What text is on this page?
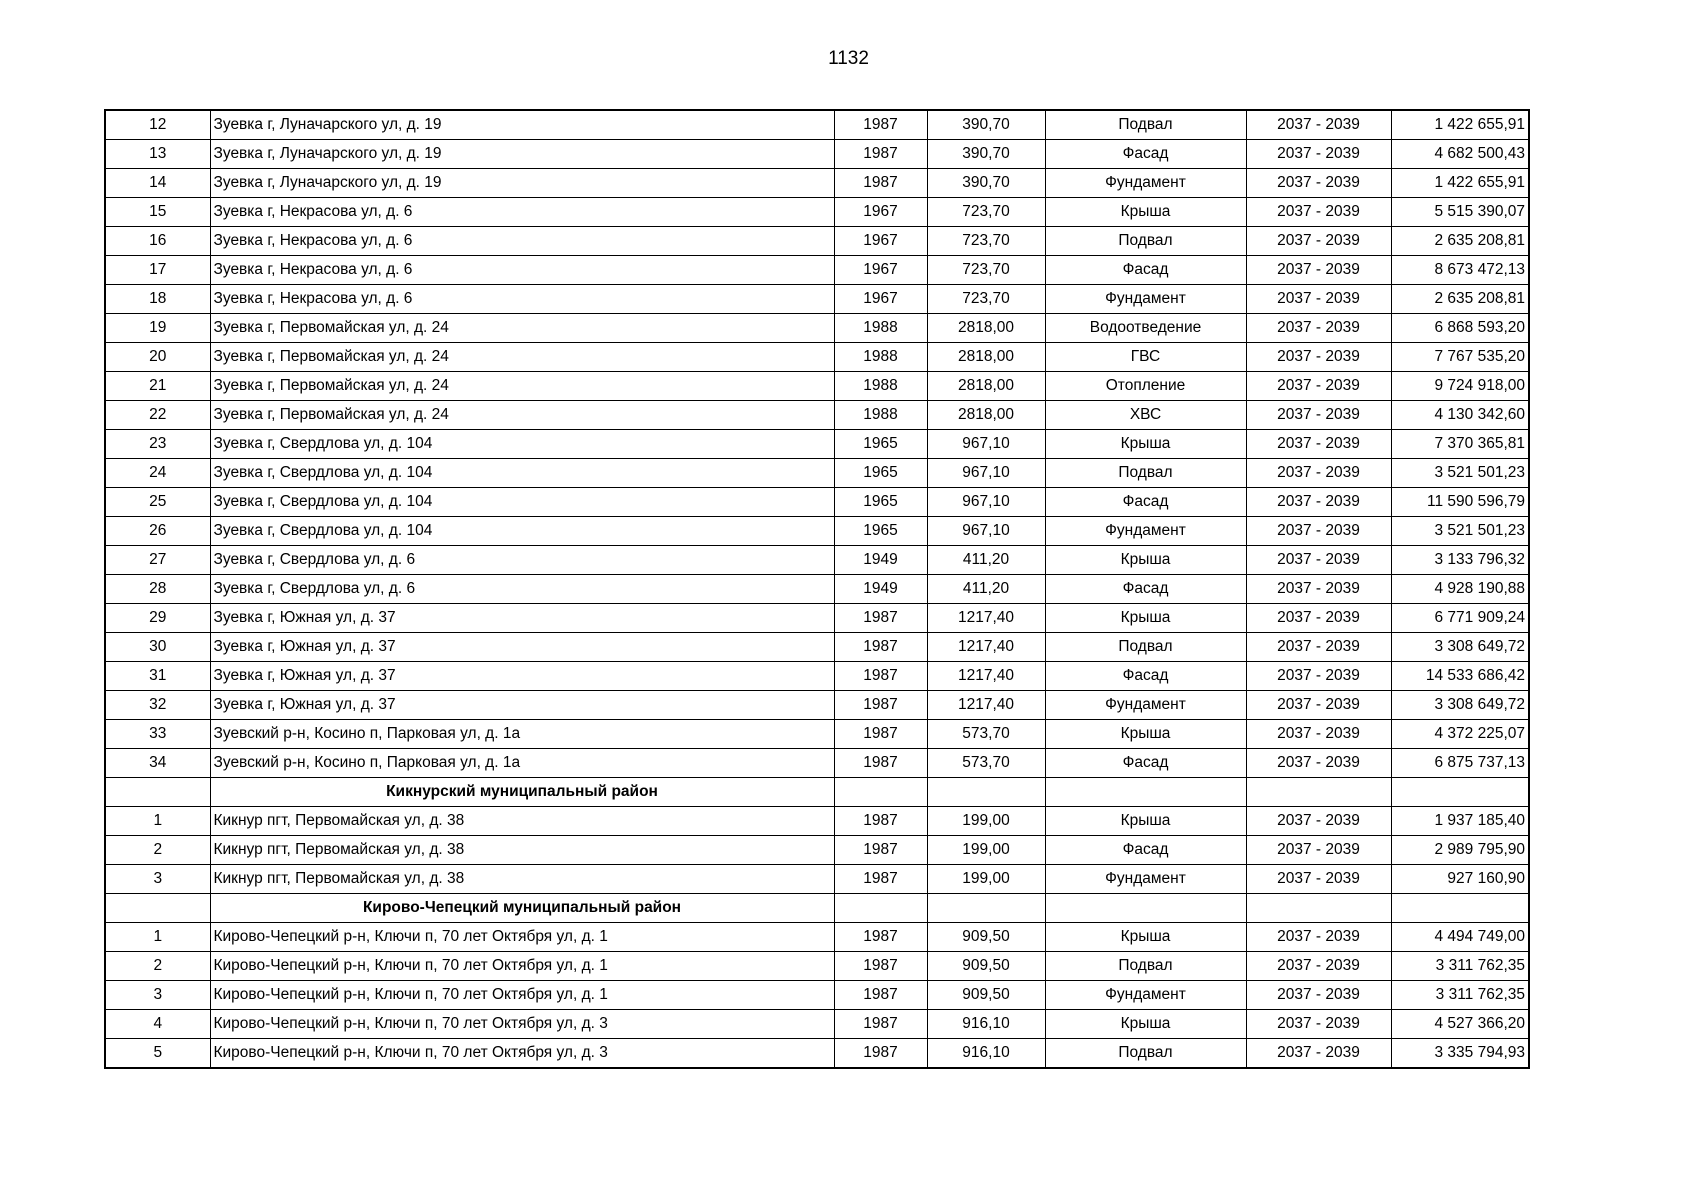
1132
12	Зуевка г, Луначарского ул, д. 19	1987	390,70	Подвал	2037 - 2039	1 422 655,91
13	Зуевка г, Луначарского ул, д. 19	1987	390,70	Фасад	2037 - 2039	4 682 500,43
14	Зуевка г, Луначарского ул, д. 19	1987	390,70	Фундамент	2037 - 2039	1 422 655,91
15	Зуевка г, Некрасова ул, д. 6	1967	723,70	Крыша	2037 - 2039	5 515 390,07
16	Зуевка г, Некрасова ул, д. 6	1967	723,70	Подвал	2037 - 2039	2 635 208,81
17	Зуевка г, Некрасова ул, д. 6	1967	723,70	Фасад	2037 - 2039	8 673 472,13
18	Зуевка г, Некрасова ул, д. 6	1967	723,70	Фундамент	2037 - 2039	2 635 208,81
19	Зуевка г, Первомайская ул, д. 24	1988	2818,00	Водоотведение	2037 - 2039	6 868 593,20
20	Зуевка г, Первомайская ул, д. 24	1988	2818,00	ГВС	2037 - 2039	7 767 535,20
21	Зуевка г, Первомайская ул, д. 24	1988	2818,00	Отопление	2037 - 2039	9 724 918,00
22	Зуевка г, Первомайская ул, д. 24	1988	2818,00	ХВС	2037 - 2039	4 130 342,60
23	Зуевка г, Свердлова ул, д. 104	1965	967,10	Крыша	2037 - 2039	7 370 365,81
24	Зуевка г, Свердлова ул, д. 104	1965	967,10	Подвал	2037 - 2039	3 521 501,23
25	Зуевка г, Свердлова ул, д. 104	1965	967,10	Фасад	2037 - 2039	11 590 596,79
26	Зуевка г, Свердлова ул, д. 104	1965	967,10	Фундамент	2037 - 2039	3 521 501,23
27	Зуевка г, Свердлова ул, д. 6	1949	411,20	Крыша	2037 - 2039	3 133 796,32
28	Зуевка г, Свердлова ул, д. 6	1949	411,20	Фасад	2037 - 2039	4 928 190,88
29	Зуевка г, Южная ул, д. 37	1987	1217,40	Крыша	2037 - 2039	6 771 909,24
30	Зуевка г, Южная ул, д. 37	1987	1217,40	Подвал	2037 - 2039	3 308 649,72
31	Зуевка г, Южная ул, д. 37	1987	1217,40	Фасад	2037 - 2039	14 533 686,42
32	Зуевка г, Южная ул, д. 37	1987	1217,40	Фундамент	2037 - 2039	3 308 649,72
33	Зуевский р-н, Косино п, Парковая ул, д. 1а	1987	573,70	Крыша	2037 - 2039	4 372 225,07
34	Зуевский р-н, Косино п, Парковая ул, д. 1а	1987	573,70	Фасад	2037 - 2039	6 875 737,13
	Кикнурский муниципальный район					
1	Кикнур пгт, Первомайская ул, д. 38	1987	199,00	Крыша	2037 - 2039	1 937 185,40
2	Кикнур пгт, Первомайская ул, д. 38	1987	199,00	Фасад	2037 - 2039	2 989 795,90
3	Кикнур пгт, Первомайская ул, д. 38	1987	199,00	Фундамент	2037 - 2039	927 160,90
	Кирово-Чепецкий муниципальный район					
1	Кирово-Чепецкий р-н, Ключи п, 70 лет Октября ул, д. 1	1987	909,50	Крыша	2037 - 2039	4 494 749,00
2	Кирово-Чепецкий р-н, Ключи п, 70 лет Октября ул, д. 1	1987	909,50	Подвал	2037 - 2039	3 311 762,35
3	Кирово-Чепецкий р-н, Ключи п, 70 лет Октября ул, д. 1	1987	909,50	Фундамент	2037 - 2039	3 311 762,35
4	Кирово-Чепецкий р-н, Ключи п, 70 лет Октября ул, д. 3	1987	916,10	Крыша	2037 - 2039	4 527 366,20
5	Кирово-Чепецкий р-н, Ключи п, 70 лет Октября ул, д. 3	1987	916,10	Подвал	2037 - 2039	3 335 794,93
